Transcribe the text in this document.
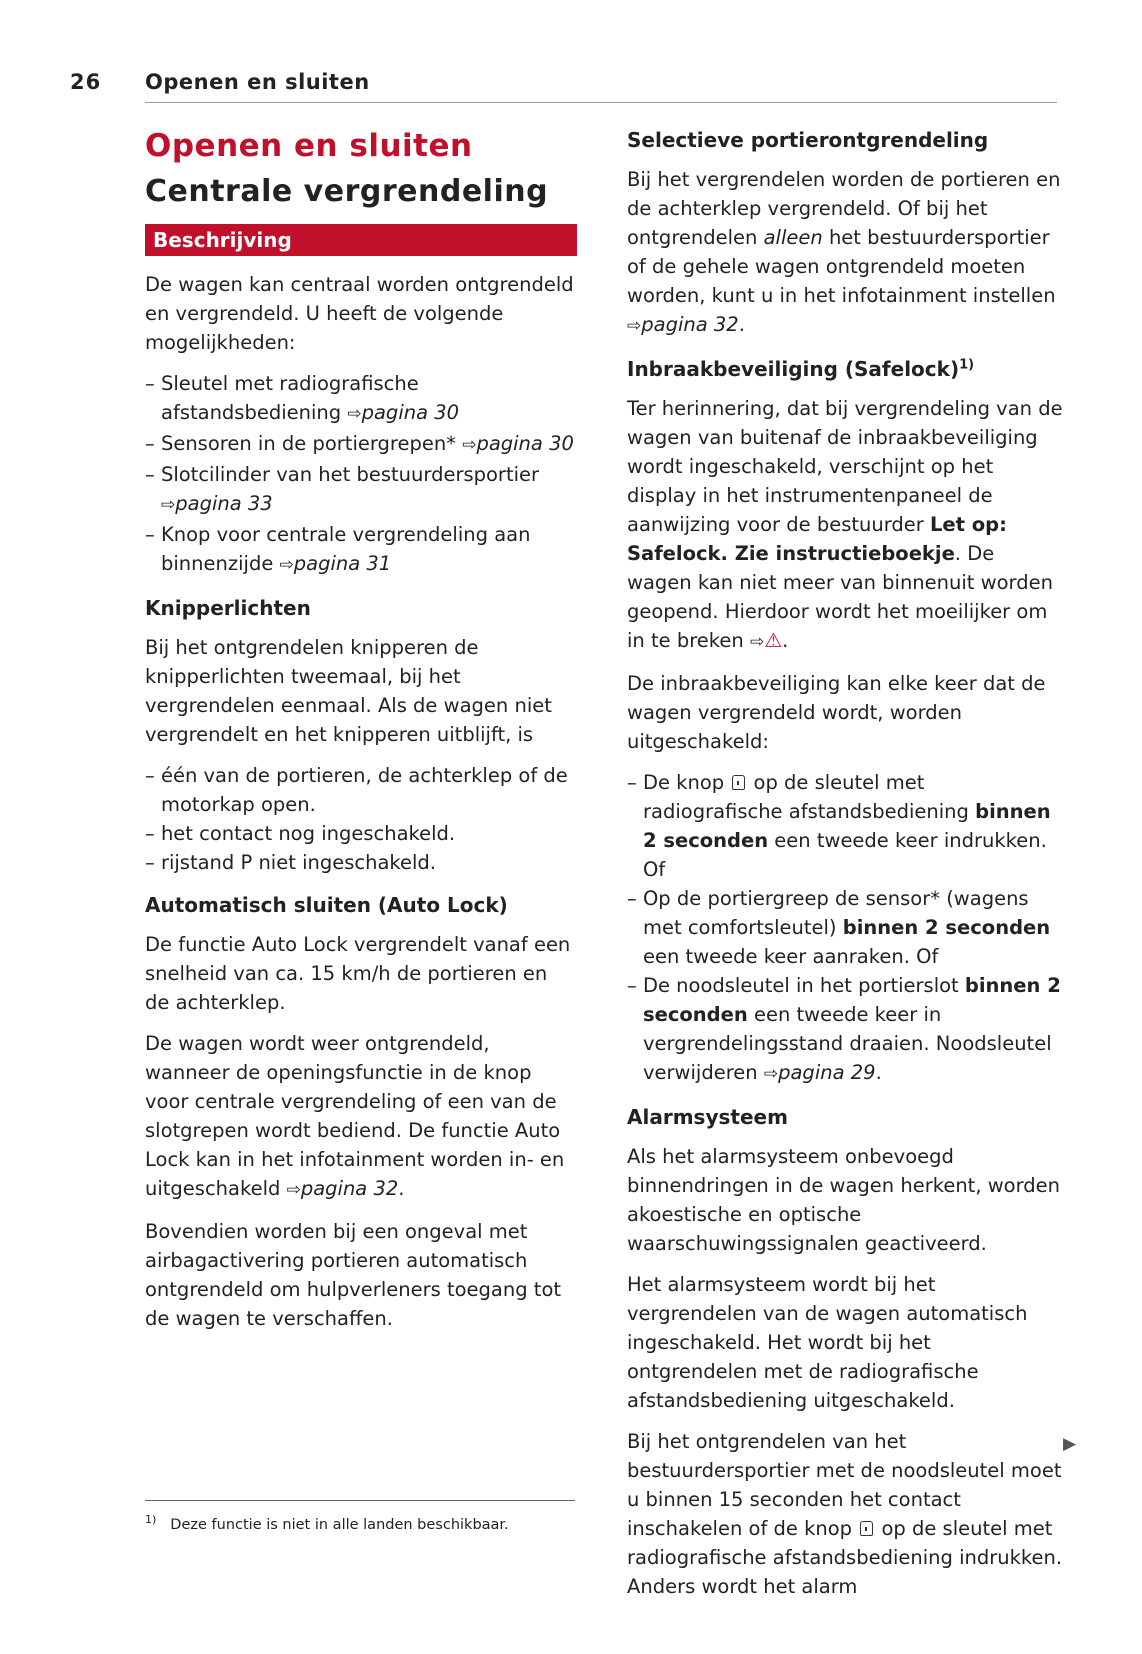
26 Openen en sluiten
Openen en sluiten
Centrale vergrendeling
Beschrijving

De wagen kan centraal worden ontgrendeld en vergrendeld. U heeft de volgende mogelijkheden:

– Sleutel met radiografische afstandsbediening ⇨pagina 30
– Sensoren in de portiergrepen* ⇨pagina 30
– Slotcilinder van het bestuurdersportier ⇨pagina 33
– Knop voor centrale vergrendeling aan binnenzijde ⇨pagina 31
Knipperlichten

Bij het ontgrendelen knipperen de knipperlichten tweemaal, bij het vergrendelen eenmaal. Als de wagen niet vergrendelt en het knipperen uitblijft, is

– één van de portieren, de achterklep of de motorkap open.
– het contact nog ingeschakeld.
– rijstand P niet ingeschakeld.
Automatisch sluiten (Auto Lock)

De functie Auto Lock vergrendelt vanaf een snelheid van ca. 15 km/h de portieren en de achterklep.

De wagen wordt weer ontgrendeld, wanneer de openingsfunctie in de knop voor centrale vergrendeling of een van de slotgrepen wordt bediend. De functie Auto Lock kan in het infotainment worden in- en uitgeschakeld ⇨pagina 32.

Bovendien worden bij een ongeval met airbagactivering portieren automatisch ontgrendeld om hulpverleners toegang tot de wagen te verschaffen.

Selectieve portierontgrendeling

Bij het vergrendelen worden de portieren en de achterklep vergrendeld. Of bij het ontgrendelen alleen het bestuurdersportier of de gehele wagen ontgrendeld moeten worden, kunt u in het infotainment instellen ⇨pagina 32.

Inbraakbeveiliging (Safelock)$^{1)}$

Ter herinnering, dat bij vergrendeling van de wagen van buitenaf de inbraakbeveiliging wordt ingeschakeld, verschijnt op het display in het instrumentenpaneel de aanwijzing voor de bestuurder Let op: Safelock. Zie instructieboekje. De wagen kan niet meer van binnenuit worden geopend. Hierdoor wordt het moeilijker om in te breken ⇨⚠.

De inbraakbeveiliging kan elke keer dat de wagen vergrendeld wordt, worden uitgeschakeld:

– De knop  op de sleutel met radiografische afstandsbediening binnen 2 seconden een tweede keer indrukken. Of
– Op de portiergreep de sensor* (wagens met comfortsleutel) binnen 2 seconden een tweede keer aanraken. Of
– De noodsleutel in het portierslot binnen 2 seconden een tweede keer in vergrendelingsstand draaien. Noodsleutel verwijderen ⇨pagina 29.
Alarmsysteem

Als het alarmsysteem onbevoegd binnendringen in de wagen herkent, worden akoestische en optische waarschuwingssignalen geactiveerd.

Het alarmsysteem wordt bij het vergrendelen van de wagen automatisch ingeschakeld. Het wordt bij het ontgrendelen met de radiografische afstandsbediening uitgeschakeld.

Bij het ontgrendelen van het bestuurdersportier met de noodsleutel moet u binnen 15 seconden het contact inschakelen of de knop  op de sleutel met radiografische afstandsbediening indrukken. Anders wordt het alarm

▶
$^{1)}$ Deze functie is niet in alle landen beschikbaar.
